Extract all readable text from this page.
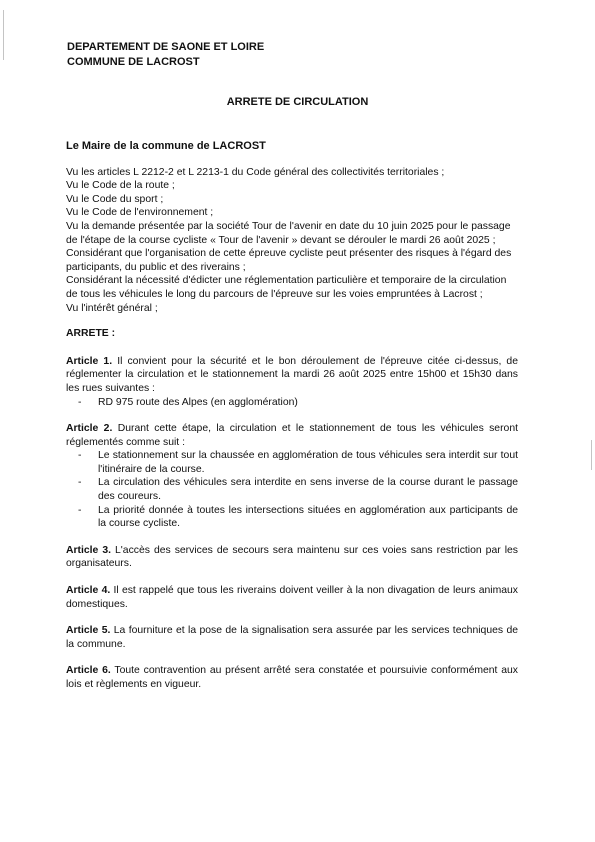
DEPARTEMENT DE SAONE ET LOIRE
COMMUNE DE LACROST
ARRETE DE CIRCULATION

Le Maire de la commune de LACROST

Vu les articles L 2212-2 et L 2213-1 du Code général des collectivités territoriales ;

Vu le Code de la route ;

Vu le Code du sport ;

Vu le Code de l'environnement ;

Vu la demande présentée par la société Tour de l'avenir en date du 10 juin 2025 pour le passage de l'étape de la course cycliste « Tour de l'avenir » devant se dérouler le mardi 26 août 2025 ;

Considérant que l'organisation de cette épreuve cycliste peut présenter des risques à l'égard des participants, du public et des riverains ;

Considérant la nécessité d'édicter une réglementation particulière et temporaire de la circulation de tous les véhicules le long du parcours de l'épreuve sur les voies empruntées à Lacrost ;

Vu l'intérêt général ;

ARRETE :

Article 1. Il convient pour la sécurité et le bon déroulement de l'épreuve citée ci-dessus, de réglementer la circulation et le stationnement la mardi 26 août 2025 entre 15h00 et 15h30 dans les rues suivantes :

- RD 975 route des Alpes (en agglomération)

Article 2. Durant cette étape, la circulation et le stationnement de tous les véhicules seront réglementés comme suit :

- Le stationnement sur la chaussée en agglomération de tous véhicules sera interdit sur tout l'itinéraire de la course.
- La circulation des véhicules sera interdite en sens inverse de la course durant le passage des coureurs.
- La priorité donnée à toutes les intersections situées en agglomération aux participants de la course cycliste.

Article 3. L'accès des services de secours sera maintenu sur ces voies sans restriction par les organisateurs.

Article 4. Il est rappelé que tous les riverains doivent veiller à la non divagation de leurs animaux domestiques.

Article 5. La fourniture et la pose de la signalisation sera assurée par les services techniques de la commune.

Article 6. Toute contravention au présent arrêté sera constatée et poursuivie conformément aux lois et règlements en vigueur.
